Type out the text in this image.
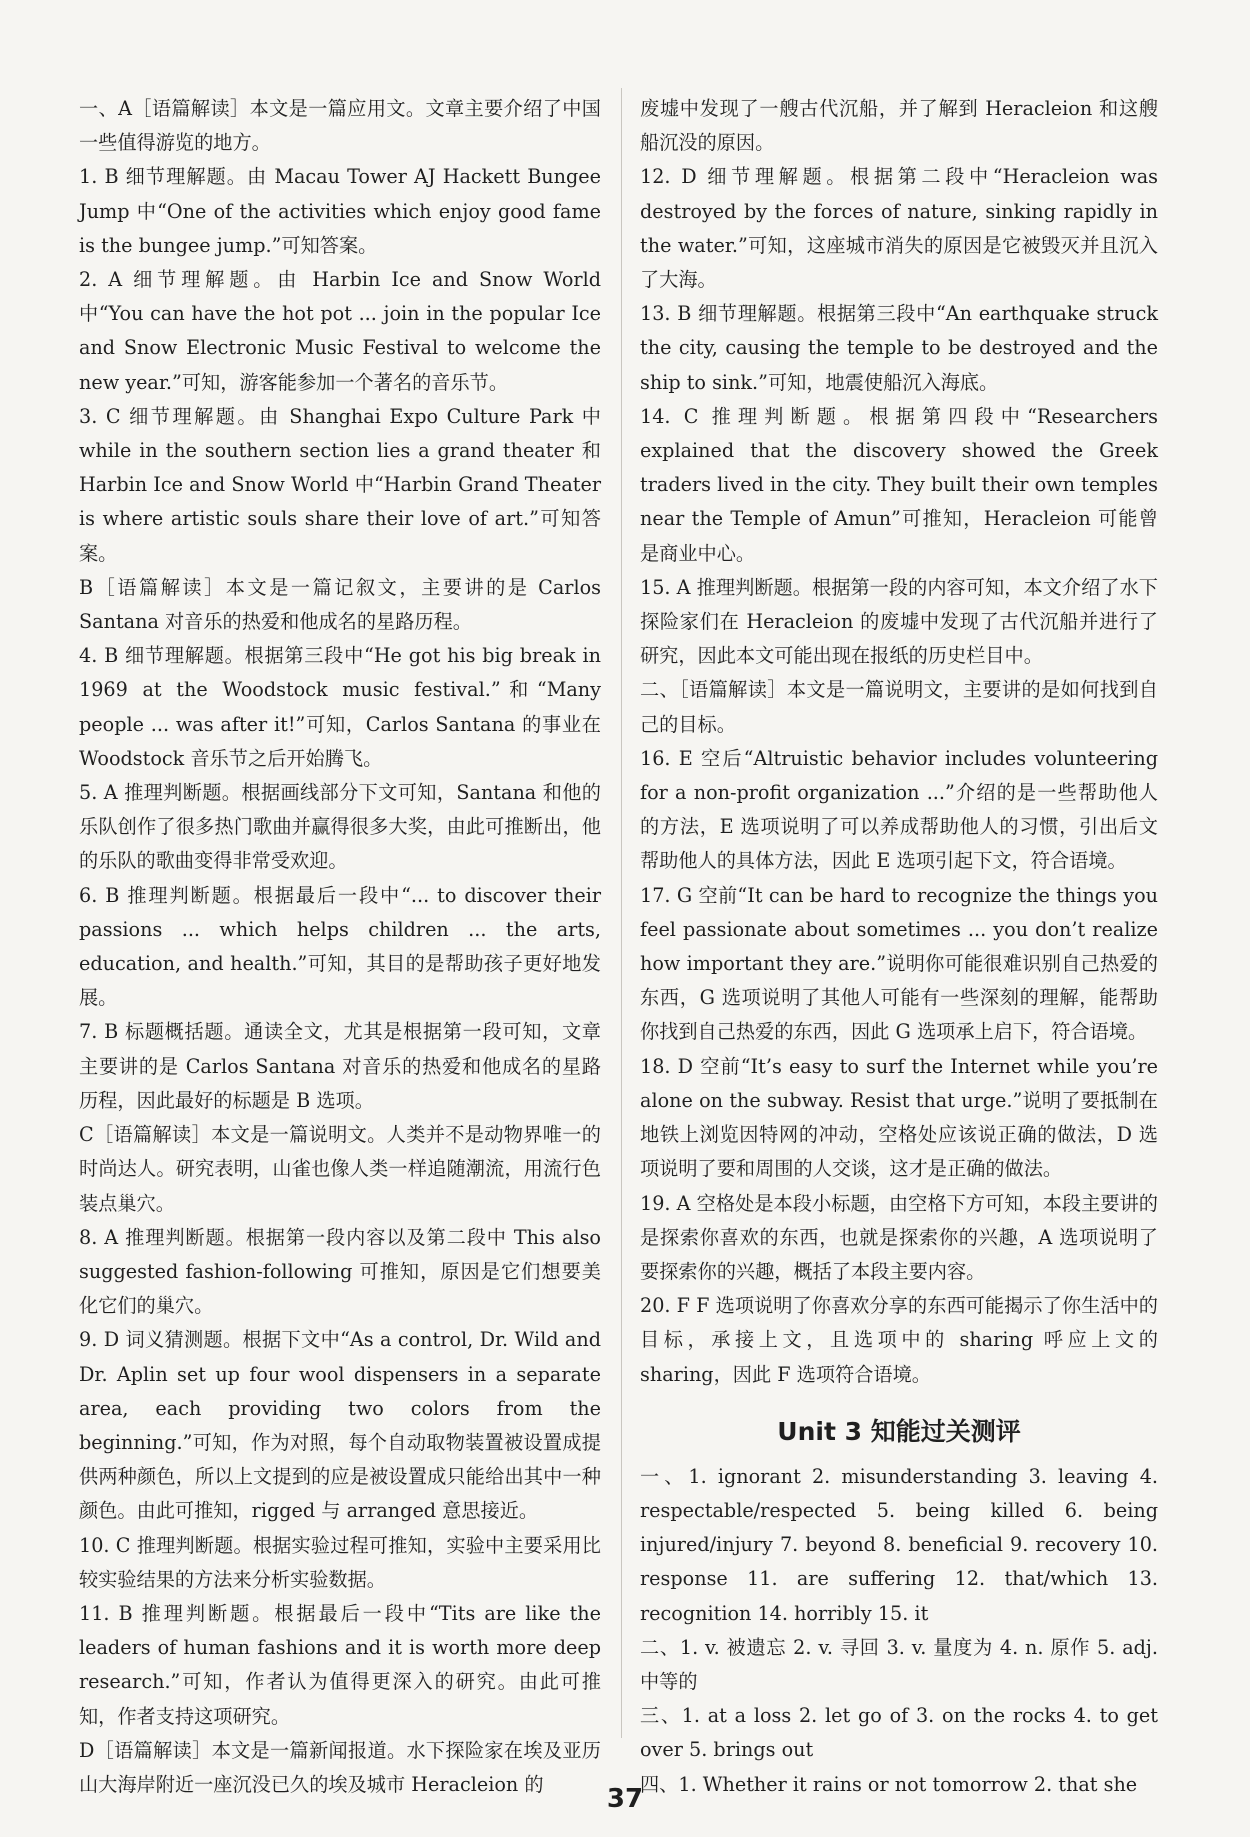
一、A［语篇解读］本文是一篇应用文。文章主要介绍了中国一些值得游览的地方。

1. B 细节理解题。由 Macau Tower AJ Hackett Bungee Jump 中“One of the activities which enjoy good fame is the bungee jump.”可知答案。

2. A 细节理解题。由 Harbin Ice and Snow World 中“You can have the hot pot ... join in the popular Ice and Snow Electronic Music Festival to welcome the new year.”可知，游客能参加一个著名的音乐节。

3. C 细节理解题。由 Shanghai Expo Culture Park 中 while in the southern section lies a grand theater 和 Harbin Ice and Snow World 中“Harbin Grand Theater is where artistic souls share their love of art.”可知答案。

B［语篇解读］本文是一篇记叙文，主要讲的是 Carlos Santana 对音乐的热爱和他成名的星路历程。

4. B 细节理解题。根据第三段中“He got his big break in 1969 at the Woodstock music festival.”和“Many people ... was after it!”可知，Carlos Santana 的事业在 Woodstock 音乐节之后开始腾飞。

5. A 推理判断题。根据画线部分下文可知，Santana 和他的乐队创作了很多热门歌曲并赢得很多大奖，由此可推断出，他的乐队的歌曲变得非常受欢迎。

6. B 推理判断题。根据最后一段中“... to discover their passions ... which helps children ... the arts, education, and health.”可知，其目的是帮助孩子更好地发展。

7. B 标题概括题。通读全文，尤其是根据第一段可知，文章主要讲的是 Carlos Santana 对音乐的热爱和他成名的星路历程，因此最好的标题是 B 选项。

C［语篇解读］本文是一篇说明文。人类并不是动物界唯一的时尚达人。研究表明，山雀也像人类一样追随潮流，用流行色装点巢穴。

8. A 推理判断题。根据第一段内容以及第二段中 This also suggested fashion-following 可推知，原因是它们想要美化它们的巢穴。

9. D 词义猜测题。根据下文中“As a control, Dr. Wild and Dr. Aplin set up four wool dispensers in a separate area, each providing two colors from the beginning.”可知，作为对照，每个自动取物装置被设置成提供两种颜色，所以上文提到的应是被设置成只能给出其中一种颜色。由此可推知，rigged 与 arranged 意思接近。

10. C 推理判断题。根据实验过程可推知，实验中主要采用比较实验结果的方法来分析实验数据。

11. B 推理判断题。根据最后一段中“Tits are like the leaders of human fashions and it is worth more deep research.”可知，作者认为值得更深入的研究。由此可推知，作者支持这项研究。

D［语篇解读］本文是一篇新闻报道。水下探险家在埃及亚历山大海岸附近一座沉没已久的埃及城市 Heracleion 的

废墟中发现了一艘古代沉船，并了解到 Heracleion 和这艘船沉没的原因。

12. D 细节理解题。根据第二段中“Heracleion was destroyed by the forces of nature, sinking rapidly in the water.”可知，这座城市消失的原因是它被毁灭并且沉入了大海。

13. B 细节理解题。根据第三段中“An earthquake struck the city, causing the temple to be destroyed and the ship to sink.”可知，地震使船沉入海底。

14. C 推理判断题。根据第四段中“Researchers explained that the discovery showed the Greek traders lived in the city. They built their own temples near the Temple of Amun”可推知，Heracleion 可能曾是商业中心。

15. A 推理判断题。根据第一段的内容可知，本文介绍了水下探险家们在 Heracleion 的废墟中发现了古代沉船并进行了研究，因此本文可能出现在报纸的历史栏目中。

二、［语篇解读］本文是一篇说明文，主要讲的是如何找到自己的目标。

16. E 空后“Altruistic behavior includes volunteering for a non-profit organization ...”介绍的是一些帮助他人的方法，E 选项说明了可以养成帮助他人的习惯，引出后文帮助他人的具体方法，因此 E 选项引起下文，符合语境。

17. G 空前“It can be hard to recognize the things you feel passionate about sometimes ... you don’t realize how important they are.”说明你可能很难识别自己热爱的东西，G 选项说明了其他人可能有一些深刻的理解，能帮助你找到自己热爱的东西，因此 G 选项承上启下，符合语境。

18. D 空前“It’s easy to surf the Internet while you’re alone on the subway. Resist that urge.”说明了要抵制在地铁上浏览因特网的冲动，空格处应该说正确的做法，D 选项说明了要和周围的人交谈，这才是正确的做法。

19. A 空格处是本段小标题，由空格下方可知，本段主要讲的是探索你喜欢的东西，也就是探索你的兴趣，A 选项说明了要探索你的兴趣，概括了本段主要内容。

20. F F 选项说明了你喜欢分享的东西可能揭示了你生活中的目标，承接上文，且选项中的 sharing 呼应上文的 sharing，因此 F 选项符合语境。

Unit 3 知能过关测评

一、1. ignorant 2. misunderstanding 3. leaving 4. respectable/respected 5. being killed 6. being injured/injury 7. beyond 8. beneficial 9. recovery 10. response 11. are suffering 12. that/which 13. recognition 14. horribly 15. it

二、1. v. 被遗忘 2. v. 寻回 3. v. 量度为 4. n. 原作 5. adj. 中等的

三、1. at a loss 2. let go of 3. on the rocks 4. to get over 5. brings out

四、1. Whether it rains or not tomorrow 2. that she

37
